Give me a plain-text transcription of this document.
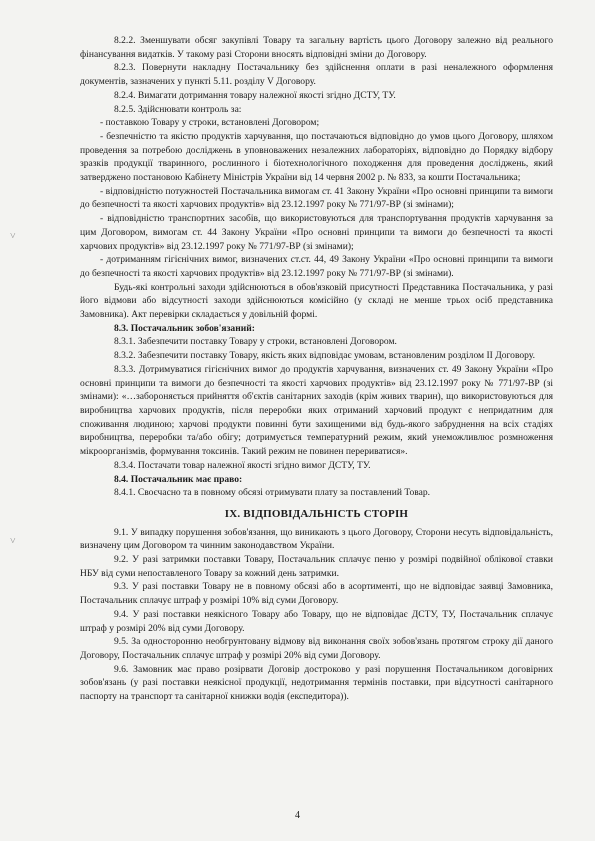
8.2.2. Зменшувати обсяг закупівлі Товару та загальну вартість цього Договору залежно від реального фінансування видатків. У такому разі Сторони вносять відповідні зміни до Договору.

8.2.3. Повернути накладну Постачальнику без здійснення оплати в разі неналежного оформлення документів, зазначених у пункті 5.11. розділу V Договору.

8.2.4. Вимагати дотримання товару належної якості згідно ДСТУ, ТУ.

8.2.5. Здійснювати контроль за:

- поставкою Товару у строки, встановлені Договором;

- безпечністю та якістю продуктів харчування, що постачаються відповідно до умов цього Договору, шляхом проведення за потребою досліджень в уповноважених незалежних лабораторіях, відповідно до Порядку відбору зразків продукції тваринного, рослинного і біотехнологічного походження для проведення досліджень, який затверджено постановою Кабінету Міністрів України від 14 червня 2002 р. № 833, за кошти Постачальника;

- відповідністю потужностей Постачальника вимогам ст. 41 Закону України «Про основні принципи та вимоги до безпечності та якості харчових продуктів» від 23.12.1997 року № 771/97-ВР (зі змінами);

- відповідністю транспортних засобів, що використовуються для транспортування продуктів харчування за цим Договором, вимогам ст. 44 Закону України «Про основні принципи та вимоги до безпечності та якості харчових продуктів» від 23.12.1997 року № 771/97-ВР (зі змінами);

- дотриманням гігієнічних вимог, визначених ст.ст. 44, 49 Закону України «Про основні принципи та вимоги до безпечності та якості харчових продуктів» від 23.12.1997 року № 771/97-ВР (зі змінами).

Будь-які контрольні заходи здійснюються в обов'язковій присутності Представника Постачальника, у разі його відмови або відсутності заходи здійснюються комісійно (у складі не менше трьох осіб представника Замовника). Акт перевірки складається у довільній формі.

8.3. Постачальник зобов'язаний:

8.3.1. Забезпечити поставку Товару у строки, встановлені Договором.

8.3.2. Забезпечити поставку Товару, якість яких відповідає умовам, встановленим розділом II Договору.

8.3.3. Дотримуватися гігієнічних вимог до продуктів харчування, визначених ст. 49 Закону України «Про основні принципи та вимоги до безпечності та якості харчових продуктів» від 23.12.1997 року № 771/97-ВР (зі змінами): «…забороняється прийняття об'єктів санітарних заходів (крім живих тварин), що використовуються для виробництва харчових продуктів, після переробки яких отриманий харчовий продукт є непридатним для споживання людиною; харчові продукти повинні бути захищеними від будь-якого забруднення на всіх стадіях виробництва, переробки та/або обігу; дотримується температурний режим, який унеможливлює розмноження мікроорганізмів, формування токсинів. Такий режим не повинен перериватися».

8.3.4. Постачати товар належної якості згідно вимог ДСТУ, ТУ.

8.4. Постачальник має право:

8.4.1. Своєчасно та в повному обсязі отримувати плату за поставлений Товар.

IX. ВІДПОВІДАЛЬНІСТЬ СТОРІН

9.1. У випадку порушення зобов'язання, що виникають з цього Договору, Сторони несуть відповідальність, визначену цим Договором та чинним законодавством України.

9.2. У разі затримки поставки Товару, Постачальник сплачує пеню у розмірі подвійної облікової ставки НБУ від суми непоставленого Товару за кожний день затримки.

9.3. У разі поставки Товару не в повному обсязі або в асортименті, що не відповідає заявці Замовника, Постачальник сплачує штраф у розмірі 10% від суми Договору.

9.4. У разі поставки неякісного Товару або Товару, що не відповідає ДСТУ, ТУ, Постачальник сплачує штраф у розмірі 20% від суми Договору.

9.5. За односторонню необгрунтовану відмову від виконання своїх зобов'язань протягом строку дії даного Договору, Постачальник сплачує штраф у розмірі 20% від суми Договору.

9.6. Замовник має право розірвати Договір достроково у разі порушення Постачальником договірних зобов'язань (у разі поставки неякісної продукції, недотримання термінів поставки, при відсутності санітарного паспорту на транспорт та санітарної книжки водія (експедитора)).

4
˅
˅
